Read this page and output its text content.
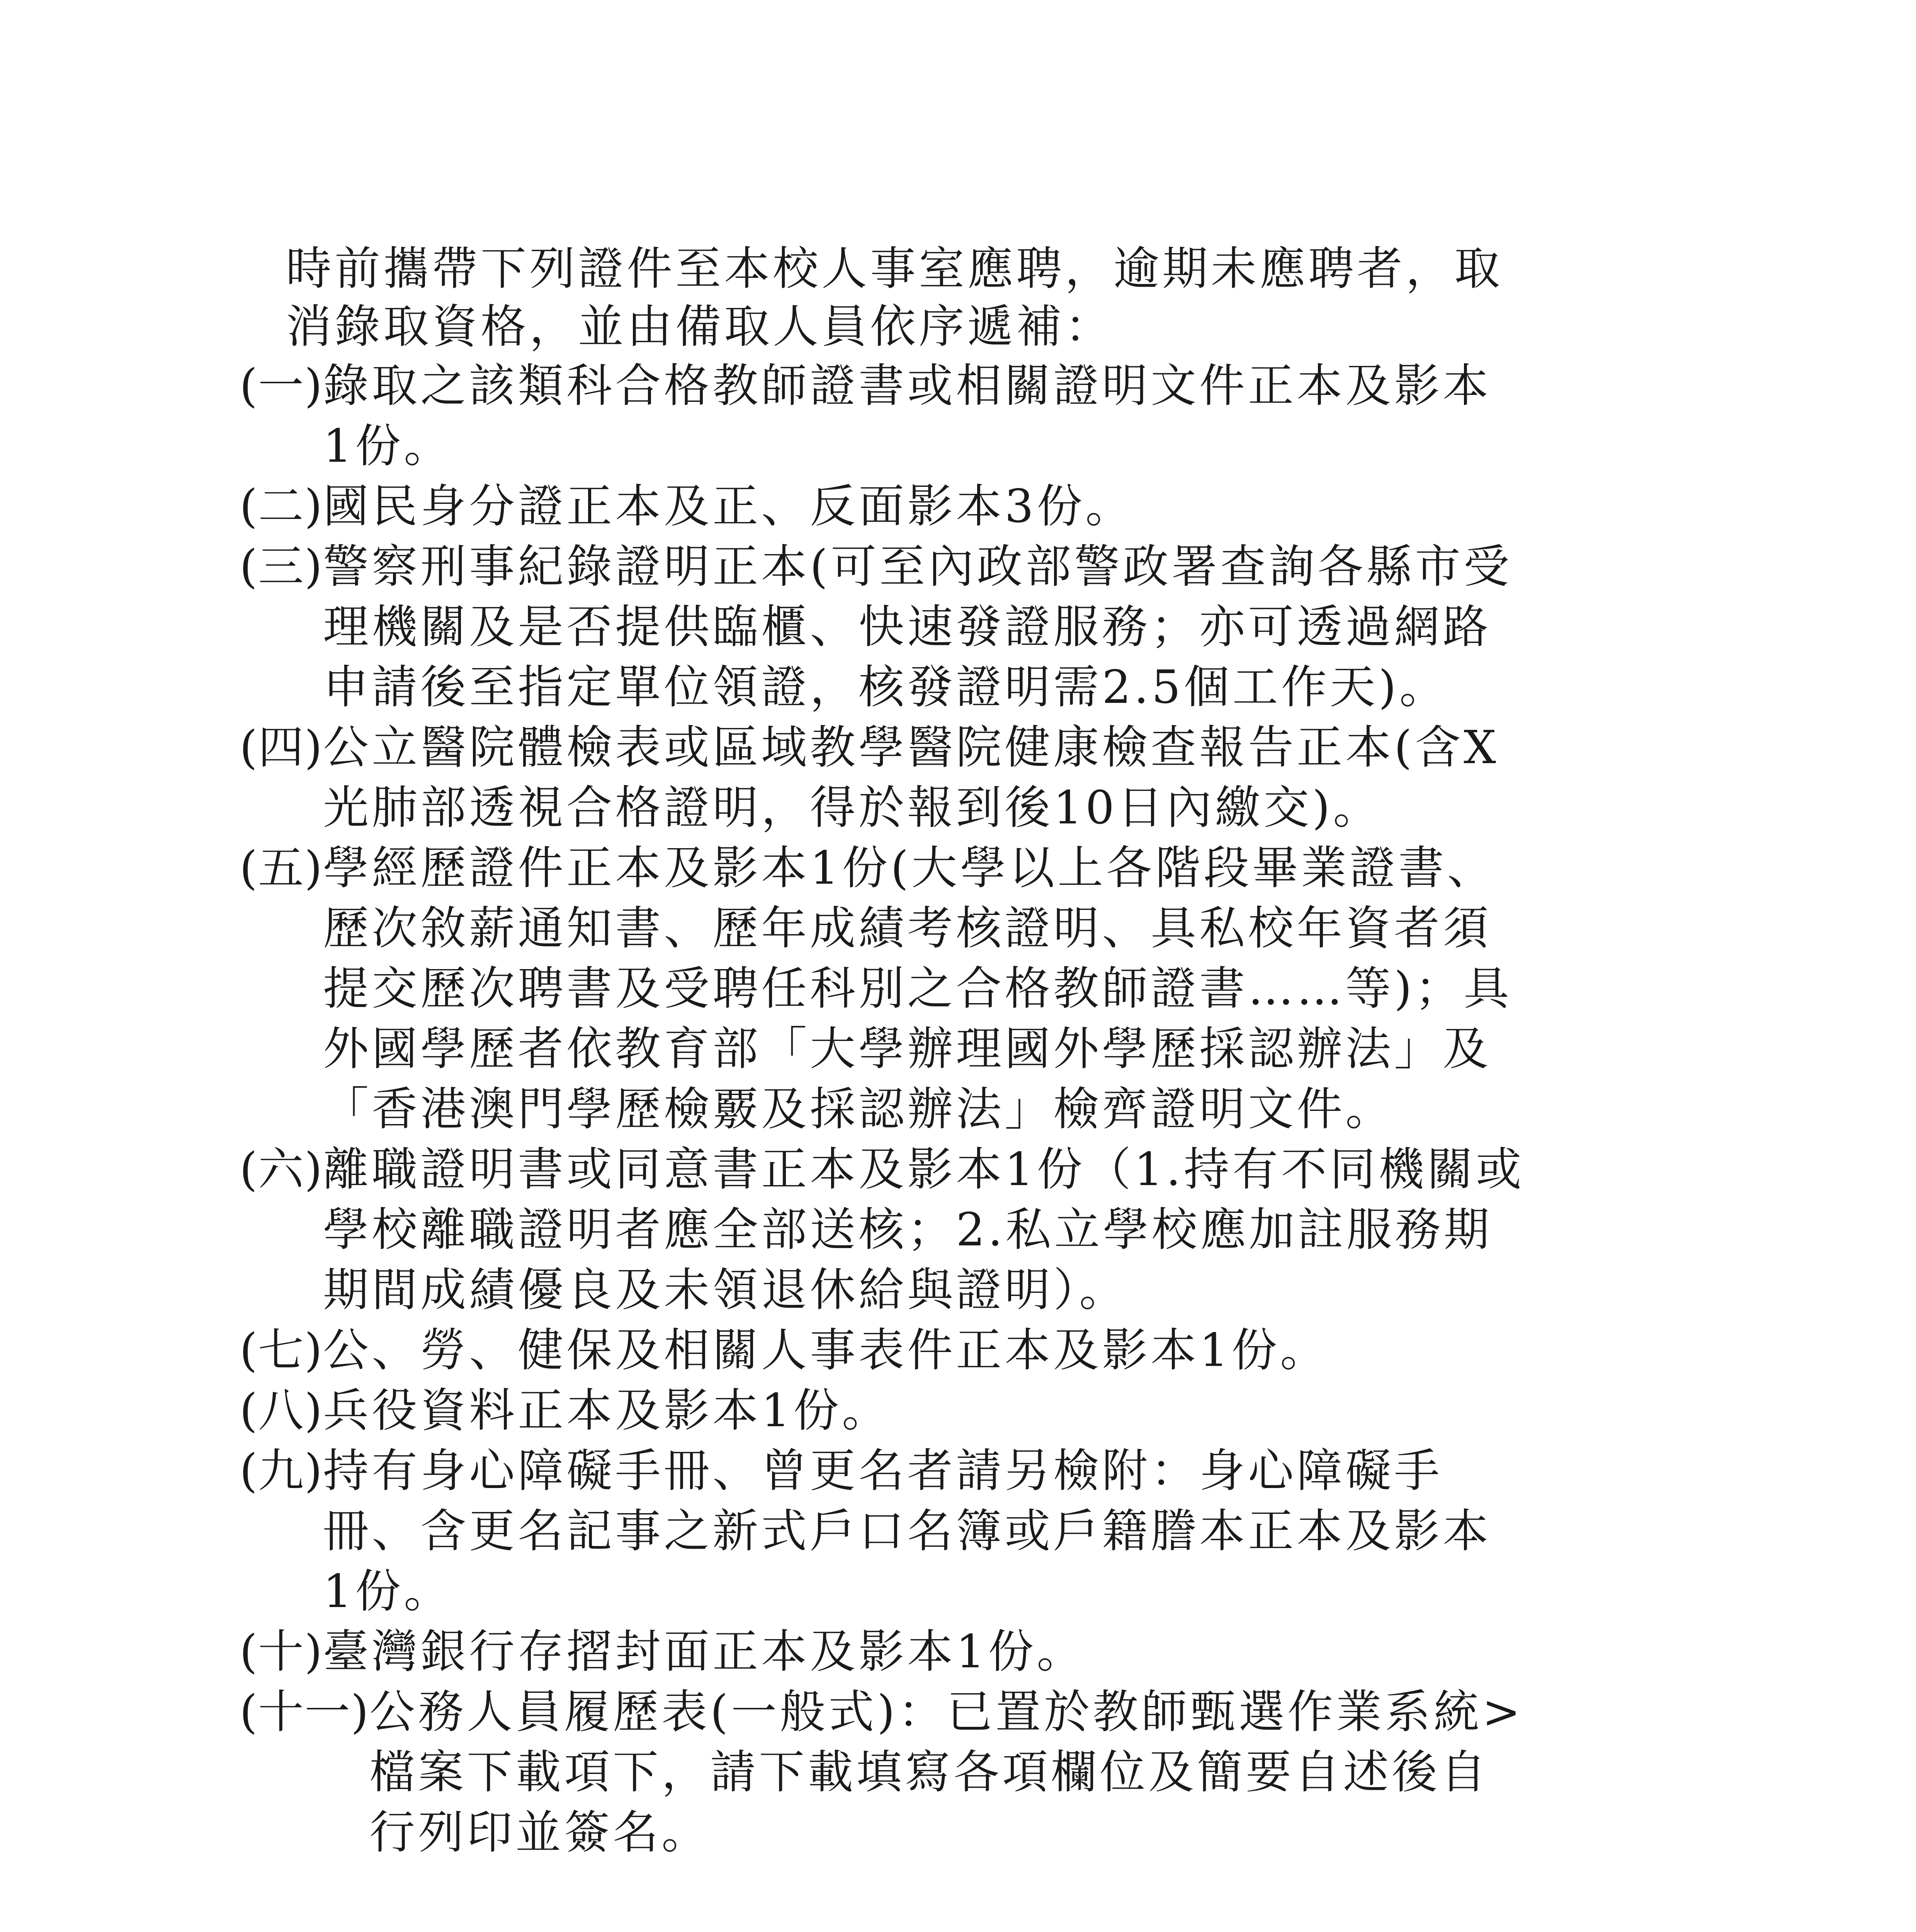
時前攜帶下列證件至本校人事室應聘，逾期未應聘者，取
消錄取資格，並由備取人員依序遞補：
(一) 錄取之該類科合格教師證書或相關證明文件正本及影本
1份。
(二) 國民身分證正本及正、反面影本3份。
(三) 警察刑事紀錄證明正本(可至內政部警政署查詢各縣市受
理機關及是否提供臨櫃、快速發證服務；亦可透過網路
申請後至指定單位領證，核發證明需2.5個工作天)。
(四) 公立醫院體檢表或區域教學醫院健康檢查報告正本(含X
光肺部透視合格證明，得於報到後10日內繳交)。
(五) 學經歷證件正本及影本1份(大學以上各階段畢業證書、
歷次敘薪通知書、歷年成績考核證明、具私校年資者須
提交歷次聘書及受聘任科別之合格教師證書……等)；具
外國學歷者依教育部「大學辦理國外學歷採認辦法」及
「香港澳門學歷檢覈及採認辦法」檢齊證明文件。
(六) 離職證明書或同意書正本及影本1份（1.持有不同機關或
學校離職證明者應全部送核；2.私立學校應加註服務期
期間成績優良及未領退休給與證明）。
(七) 公、勞、健保及相關人事表件正本及影本1份。
(八) 兵役資料正本及影本1份。
(九) 持有身心障礙手冊、曾更名者請另檢附：身心障礙手
冊、含更名記事之新式戶口名簿或戶籍謄本正本及影本
1份。
(十) 臺灣銀行存摺封面正本及影本1份。
(十一) 公務人員履歷表(一般式)：已置於教師甄選作業系統>
檔案下載項下，請下載填寫各項欄位及簡要自述後自
行列印並簽名。
